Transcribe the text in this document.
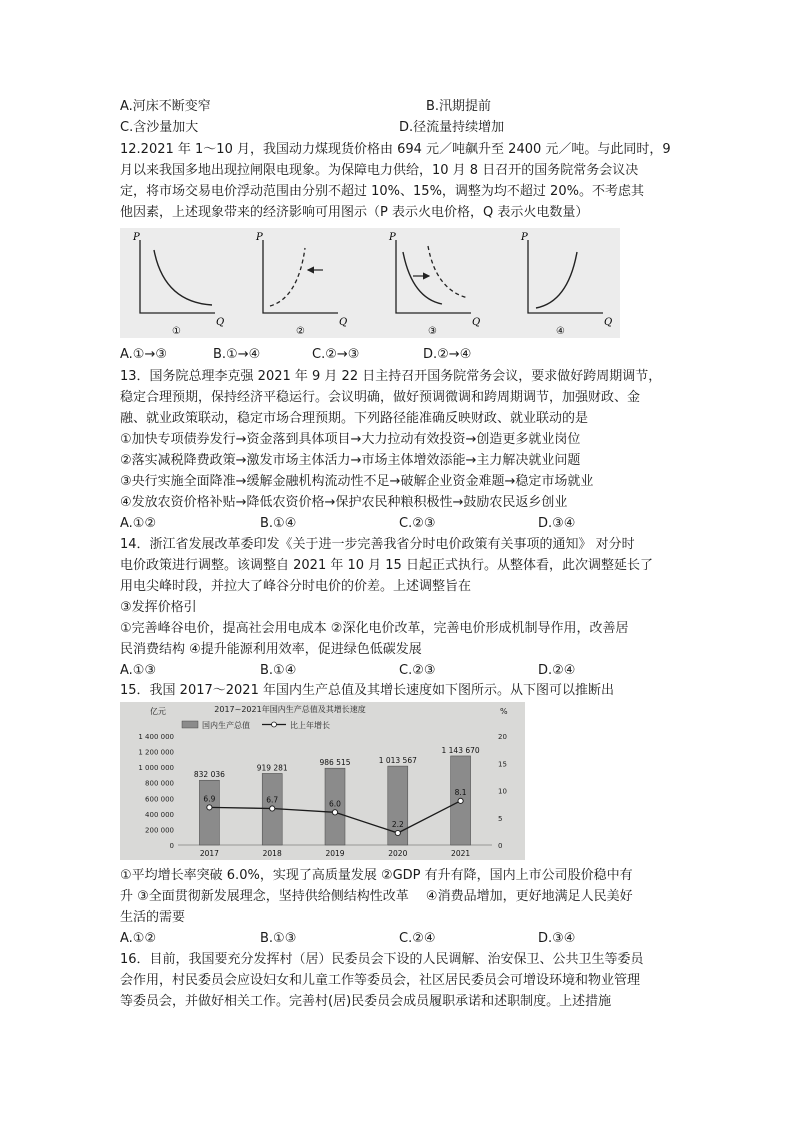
A.河床不断变窄	B.汛期提前
C.含沙量加大	D.径流量持续增加
12.2021 年 1～10 月，我国动力煤现货价格由 694 元／吨飙升至 2400 元／吨。与此同时，9
月以来我国多地出现拉闸限电现象。为保障电力供给，10 月 8 日召开的国务院常务会议决
定，将市场交易电价浮动范围由分别不超过 10%、15%，调整为均不超过 20%。不考虑其
他因素，上述现象带来的经济影响可用图示（P 表示火电价格，Q 表示火电数量）
P
Q
①
P
Q
②
P
Q
③
P
Q
④
A.①→③	B.①→④	C.②→③	D.②→④
13．国务院总理李克强 2021 年 9 月 22 日主持召开国务院常务会议，要求做好跨周期调节，
稳定合理预期，保持经济平稳运行。会议明确，做好预调微调和跨周期调节，加强财政、金
融、就业政策联动，稳定市场合理预期。下列路径能准确反映财政、就业联动的是
①加快专项债券发行→资金落到具体项目→大力拉动有效投资→创造更多就业岗位
②落实减税降费政策→激发市场主体活力→市场主体增效添能→主力解决就业问题
③央行实施全面降准→缓解金融机构流动性不足→破解企业资金难题→稳定市场就业
④发放农资价格补贴→降低农资价格→保护农民种粮积极性→鼓励农民返乡创业
A.①②	B.①④	C.②③	D.③④
14．浙江省发展改革委印发《关于进一步完善我省分时电价政策有关事项的通知》 对分时
电价政策进行调整。该调整自 2021 年 10 月 15 日起正式执行。从整体看，此次调整延长了
用电尖峰时段，并拉大了峰谷分时电价的价差。上述调整旨在
③发挥价格引
①完善峰谷电价，提高社会用电成本 ②深化电价改革，完善电价形成机制导作用，改善居
民消费结构 ④提升能源利用效率，促进绿色低碳发展
A.①③	B.①④	C.②③	D.②④
15．我国 2017～2021 年国内生产总值及其增长速度如下图所示。从下图可以推断出
2017~2021年国内生产总值及其增长速度
亿元	%
国内生产总值	比上年增长
1 400 000
1 200 000
1 000 000
800 000
600 000
400 000
200 000
0
20
15
10
5
0
832 036
2017
919 281
2018
986 515
2019
1 013 567
2020
1 143 670
2021
6.9	6.7	6.0
2.2
8.1
①平均增长率突破 6.0%，实现了高质量发展 ②GDP 有升有降，国内上市公司股价稳中有
升 ③全面贯彻新发展理念，坚持供给侧结构性改革　 ④消费品增加，更好地满足人民美好
生活的需要
A.①②	B.①③	C.②④	D.③④
16．目前，我国要充分发挥村（居）民委员会下设的人民调解、治安保卫、公共卫生等委员
会作用，村民委员会应设妇女和儿童工作等委员会，社区居民委员会可增设环境和物业管理
等委员会，并做好相关工作。完善村(居)民委员会成员履职承诺和述职制度。上述措施
